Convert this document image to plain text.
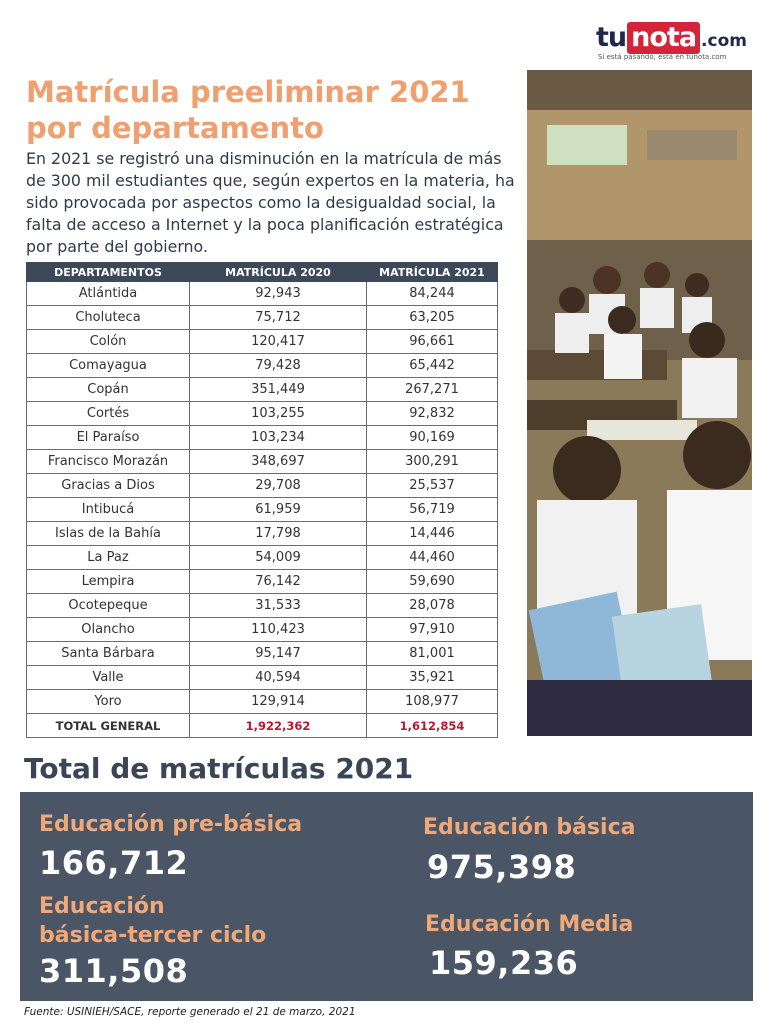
tu nota .com
Si está pasando, está en tunota.com
Matrícula preeliminar 2021 por departamento

En 2021 se registró una disminución en la matrícula de más de 300 mil estudiantes que, según expertos en la materia, ha sido provocada por aspectos como la desigualdad social, la falta de acceso a Internet y la poca planificación estratégica por parte del gobierno.

DEPARTAMENTOS	MATRÍCULA 2020	MATRÍCULA 2021
Atlántida	92,943	84,244
Choluteca	75,712	63,205
Colón	120,417	96,661
Comayagua	79,428	65,442
Copán	351,449	267,271
Cortés	103,255	92,832
El Paraíso	103,234	90,169
Francisco Morazán	348,697	300,291
Gracias a Dios	29,708	25,537
Intibucá	61,959	56,719
Islas de la Bahía	17,798	14,446
La Paz	54,009	44,460
Lempira	76,142	59,690
Ocotepeque	31,533	28,078
Olancho	110,423	97,910
Santa Bárbara	95,147	81,001
Valle	40,594	35,921
Yoro	129,914	108,977
TOTAL GENERAL	1,922,362	1,612,854
Total de matrículas 2021
Educación pre-básica
166,712
Educación básica
975,398
Educación
básica-tercer ciclo
311,508
Educación Media
159,236
Fuente: USINIEH/SACE, reporte generado el 21 de marzo, 2021
